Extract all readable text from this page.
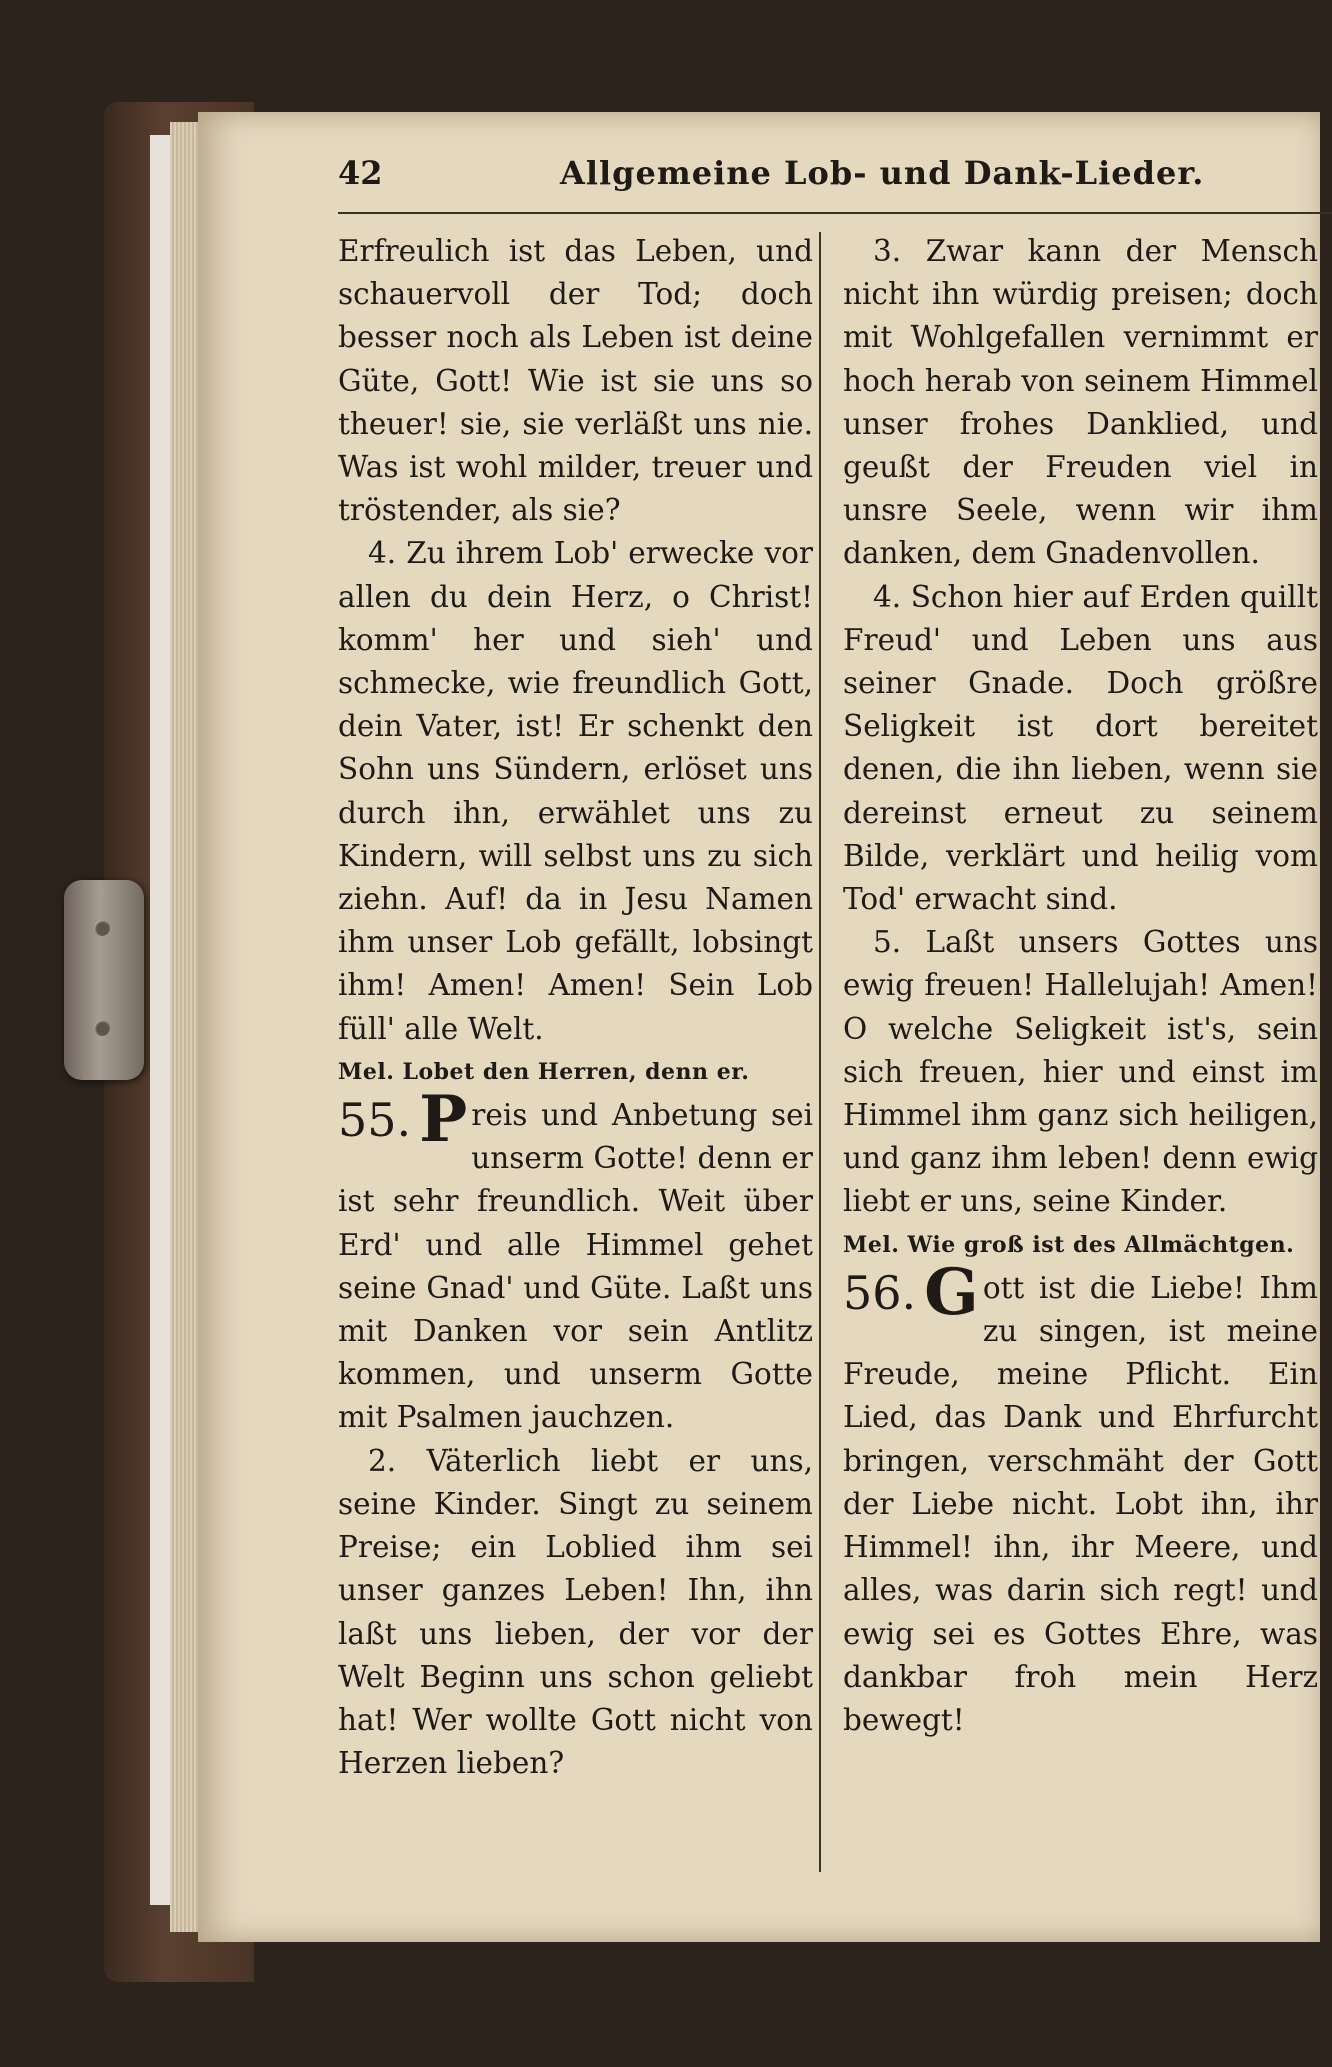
42	Allgemeine Lob- und Dank-Lieder.

Erfreulich ist das Leben, und schauervoll der Tod; doch besser noch als Leben ist deine Güte, Gott! Wie ist sie uns so theuer! sie, sie verläßt uns nie. Was ist wohl milder, treuer und tröstender, als sie?

4. Zu ihrem Lob' erwecke vor allen du dein Herz, o Christ! komm' her und sieh' und schmecke, wie freundlich Gott, dein Vater, ist! Er schenkt den Sohn uns Sündern, erlöset uns durch ihn, erwählet uns zu Kindern, will selbst uns zu sich ziehn. Auf! da in Jesu Namen ihm unser Lob gefällt, lobsingt ihm! Amen! Amen! Sein Lob füll' alle Welt.

Mel. Lobet den Herren, denn er.

55. P reis und Anbetung sei unserm Gotte! denn er ist sehr freundlich. Weit über Erd' und alle Himmel gehet seine Gnad' und Güte. Laßt uns mit Danken vor sein Antlitz kommen, und unserm Gotte mit Psalmen jauchzen.

2. Väterlich liebt er uns, seine Kinder. Singt zu seinem Preise; ein Loblied ihm sei unser ganzes Leben! Ihn, ihn laßt uns lieben, der vor der Welt Beginn uns schon geliebt hat! Wer wollte Gott nicht von Herzen lieben?

3. Zwar kann der Mensch nicht ihn würdig preisen; doch mit Wohlgefallen vernimmt er hoch herab von seinem Himmel unser frohes Danklied, und geußt der Freuden viel in unsre Seele, wenn wir ihm danken, dem Gnadenvollen.

4. Schon hier auf Erden quillt Freud' und Leben uns aus seiner Gnade. Doch größre Seligkeit ist dort bereitet denen, die ihn lieben, wenn sie dereinst erneut zu seinem Bilde, verklärt und heilig vom Tod' erwacht sind.

5. Laßt unsers Gottes uns ewig freuen! Hallelujah! Amen! O welche Seligkeit ist's, sein sich freuen, hier und einst im Himmel ihm ganz sich heiligen, und ganz ihm leben! denn ewig liebt er uns, seine Kinder.

Mel. Wie groß ist des Allmächtgen.

56. G ott ist die Liebe! Ihm zu singen, ist meine Freude, meine Pflicht. Ein Lied, das Dank und Ehrfurcht bringen, verschmäht der Gott der Liebe nicht. Lobt ihn, ihr Himmel! ihn, ihr Meere, und alles, was darin sich regt! und ewig sei es Gottes Ehre, was dankbar froh mein Herz bewegt!
